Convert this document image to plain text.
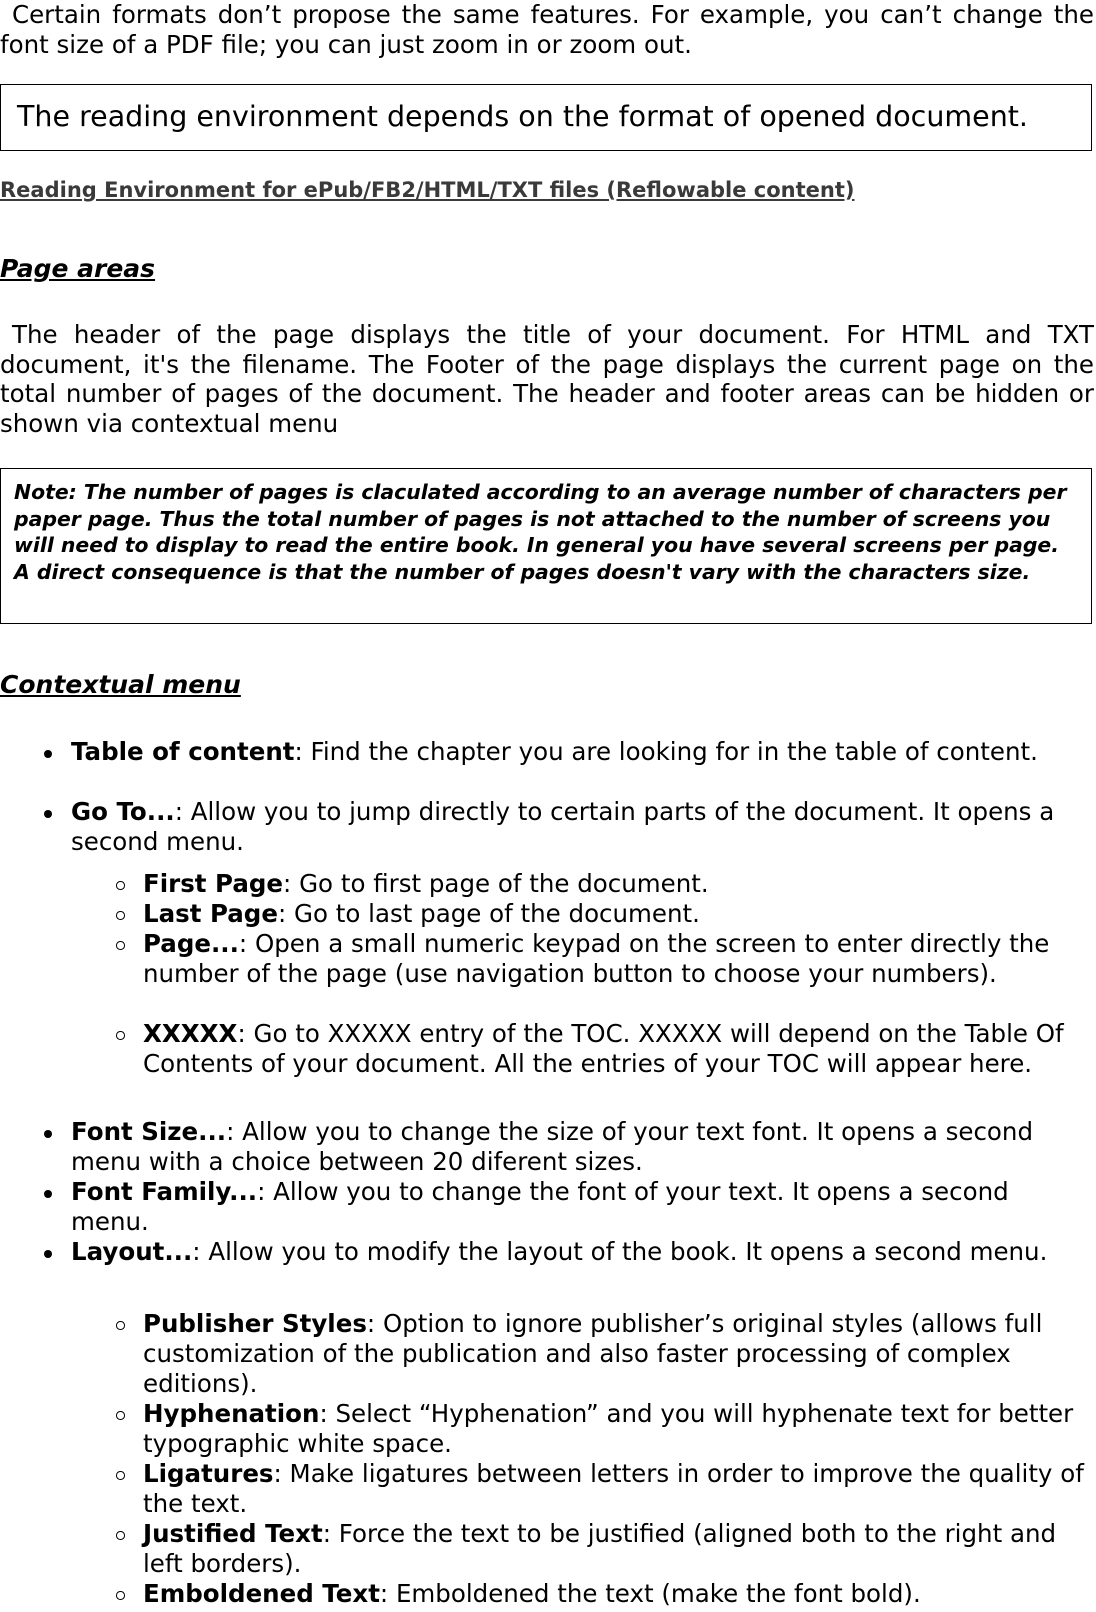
Certain formats don’t propose the same features. For example, you can’t change the font size of a PDF file; you can just zoom in or zoom out.
The reading environment depends on the format of opened document.
Reading Environment for ePub/FB2/HTML/TXT files (Reflowable content)
Page areas
The header of the page displays the title of your document. For HTML and TXT document, it's the filename. The Footer of the page displays the current page on the total number of pages of the document. The header and footer areas can be hidden or shown via contextual menu
Note: The number of pages is claculated according to an average number of characters per paper page. Thus the total number of pages is not attached to the number of screens you will need to display to read the entire book. In general you have several screens per page. A direct consequence is that the number of pages doesn't vary with the characters size.
Contextual menu
Table of content: Find the chapter you are looking for in the table of content.
Go To...: Allow you to jump directly to certain parts of the document. It opens a second menu.
First Page: Go to first page of the document.
Last Page: Go to last page of the document.
Page...: Open a small numeric keypad on the screen to enter directly the number of the page (use navigation button to choose your numbers).
XXXXX: Go to XXXXX entry of the TOC. XXXXX will depend on the Table Of Contents of your document. All the entries of your TOC will appear here.
Font Size...: Allow you to change the size of your text font. It opens a second menu with a choice between 20 diferent sizes.
Font Family...: Allow you to change the font of your text. It opens a second menu.
Layout...: Allow you to modify the layout of the book. It opens a second menu.
Publisher Styles: Option to ignore publisher’s original styles (allows full customization of the publication and also faster processing of complex editions).
Hyphenation: Select “Hyphenation” and you will hyphenate text for better typographic white space.
Ligatures: Make ligatures between letters in order to improve the quality of the text.
Justified Text: Force the text to be justified (aligned both to the right and left borders).
Emboldened Text: Emboldened the text (make the font bold).
